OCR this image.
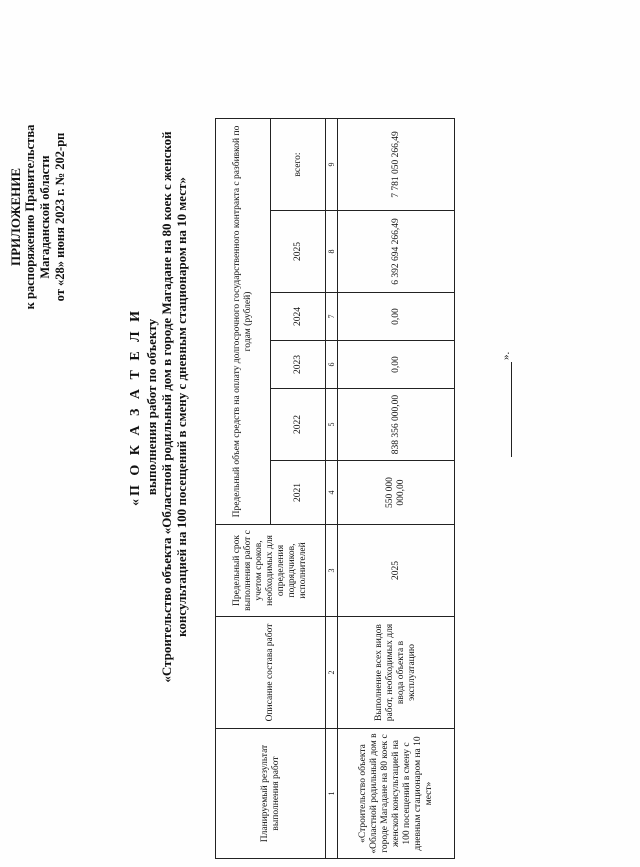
ПРИЛОЖЕНИЕ к распоряжению Правительства Магаданской области от «28» июня 2023 г. № 202-рп
«П О К А З А Т Е Л И выполнения работ по объекту «Строительство объекта «Областной родильный дом в городе Магадане на 80 коек с женской консультацией на 100 посещений в смену с дневным стационаром на 10 мест»
Планируемый результат выполнения работ	Описание состава работ	Предельный срок выполнения работ с учетом сроков, необходимых для определения подрядчиков, исполнителей	Предельный объем средств на оплату долгосрочного государственного контракта с разбивкой по годам (рублей)					
			2021	2022	2023	2024	2025	всего:
1	2	3	4	5	6	7	8	9
«Строительство объекта «Областной родильный дом в городе Магадане на 80 коек с женской консультацией на 100 посещений в смену с дневным стационаром на 10 мест»	Выполнение всех видов работ, необходимых для ввода объекта в эксплуатацию	2025	550 000 000,00	838 356 000,00	0,00	0,00	6 392 694 266,49	7 781 050 266,49
».
